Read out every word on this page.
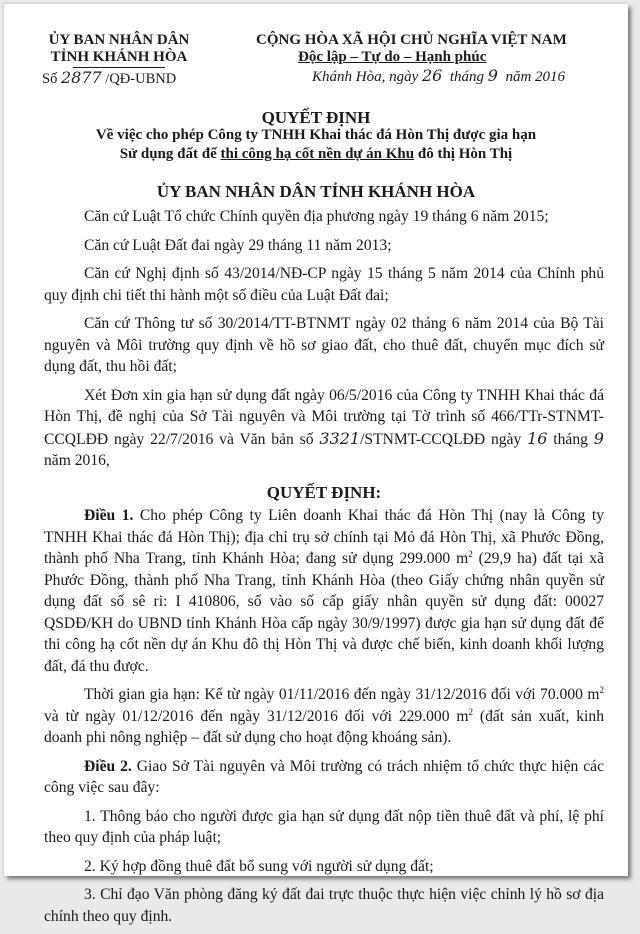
ỦY BAN NHÂN DÂN
TỈNH KHÁNH HÒA
Số 2877 /QĐ-UBND
CỘNG HÒA XÃ HỘI CHỦ NGHĨA VIỆT NAM
Độc lập – Tự do – Hạnh phúc
Khánh Hòa, ngày 26 tháng 9 năm 2016
QUYẾT ĐỊNH
Về việc cho phép Công ty TNHH Khai thác đá Hòn Thị được gia hạn
Sử dụng đất để thi công hạ cốt nền dự án Khu đô thị Hòn Thị
ỦY BAN NHÂN DÂN TỈNH KHÁNH HÒA

Căn cứ Luật Tổ chức Chính quyền địa phương ngày 19 tháng 6 năm 2015;

Căn cứ Luật Đất đai ngày 29 tháng 11 năm 2013;

Căn cứ Nghị định số 43/2014/NĐ-CP ngày 15 tháng 5 năm 2014 của Chính phủ quy định chi tiết thi hành một số điều của Luật Đất đai;

Căn cứ Thông tư số 30/2014/TT-BTNMT ngày 02 tháng 6 năm 2014 của Bộ Tài nguyên và Môi trường quy định về hồ sơ giao đất, cho thuê đất, chuyển mục đích sử dụng đất, thu hồi đất;

Xét Đơn xin gia hạn sử dụng đất ngày 06/5/2016 của Công ty TNHH Khai thác đá Hòn Thị, đề nghị của Sở Tài nguyên và Môi trường tại Tờ trình số 466/TTr-STNMT-CCQLĐĐ ngày 22/7/2016 và Văn bản số 3321/STNMT-CCQLĐĐ ngày 16 tháng 9 năm 2016,

QUYẾT ĐỊNH:

Điều 1. Cho phép Công ty Liên doanh Khai thác đá Hòn Thị (nay là Công ty TNHH Khai thác đá Hòn Thị); địa chỉ trụ sở chính tại Mỏ đá Hòn Thị, xã Phước Đồng, thành phố Nha Trang, tỉnh Khánh Hòa; đang sử dụng 299.000 $m^2$ (29,9 ha) đất tại xã Phước Đồng, thành phố Nha Trang, tỉnh Khánh Hòa (theo Giấy chứng nhân quyền sử dụng đất số sê ri: I 410806, số vào số cấp giấy nhân quyền sử dụng đất: 00027 QSDĐ/KH do UBND tỉnh Khánh Hòa cấp ngày 30/9/1997) được gia hạn sử dụng đất để thi công hạ cốt nền dự án Khu đô thị Hòn Thị và được chế biến, kinh doanh khối lượng đất, đá thu được.

Thời gian gia hạn: Kể từ ngày 01/11/2016 đến ngày 31/12/2016 đối với 70.000 $m^2$ và từ ngày 01/12/2016 đến ngày 31/12/2016 đối với 229.000 $m^2$ (đất sản xuất, kinh doanh phi nông nghiệp – đất sử dụng cho hoạt động khoáng sản).

Điều 2. Giao Sở Tài nguyên và Môi trường có trách nhiệm tổ chức thực hiện các công việc sau đây:

1. Thông báo cho người được gia hạn sử dụng đất nộp tiền thuê đất và phí, lệ phí theo quy định của pháp luật;

2. Ký hợp đồng thuê đất bổ sung với người sử dụng đất;

3. Chỉ đạo Văn phòng đăng ký đất đai trực thuộc thực hiện việc chỉnh lý hồ sơ địa chính theo quy định.
